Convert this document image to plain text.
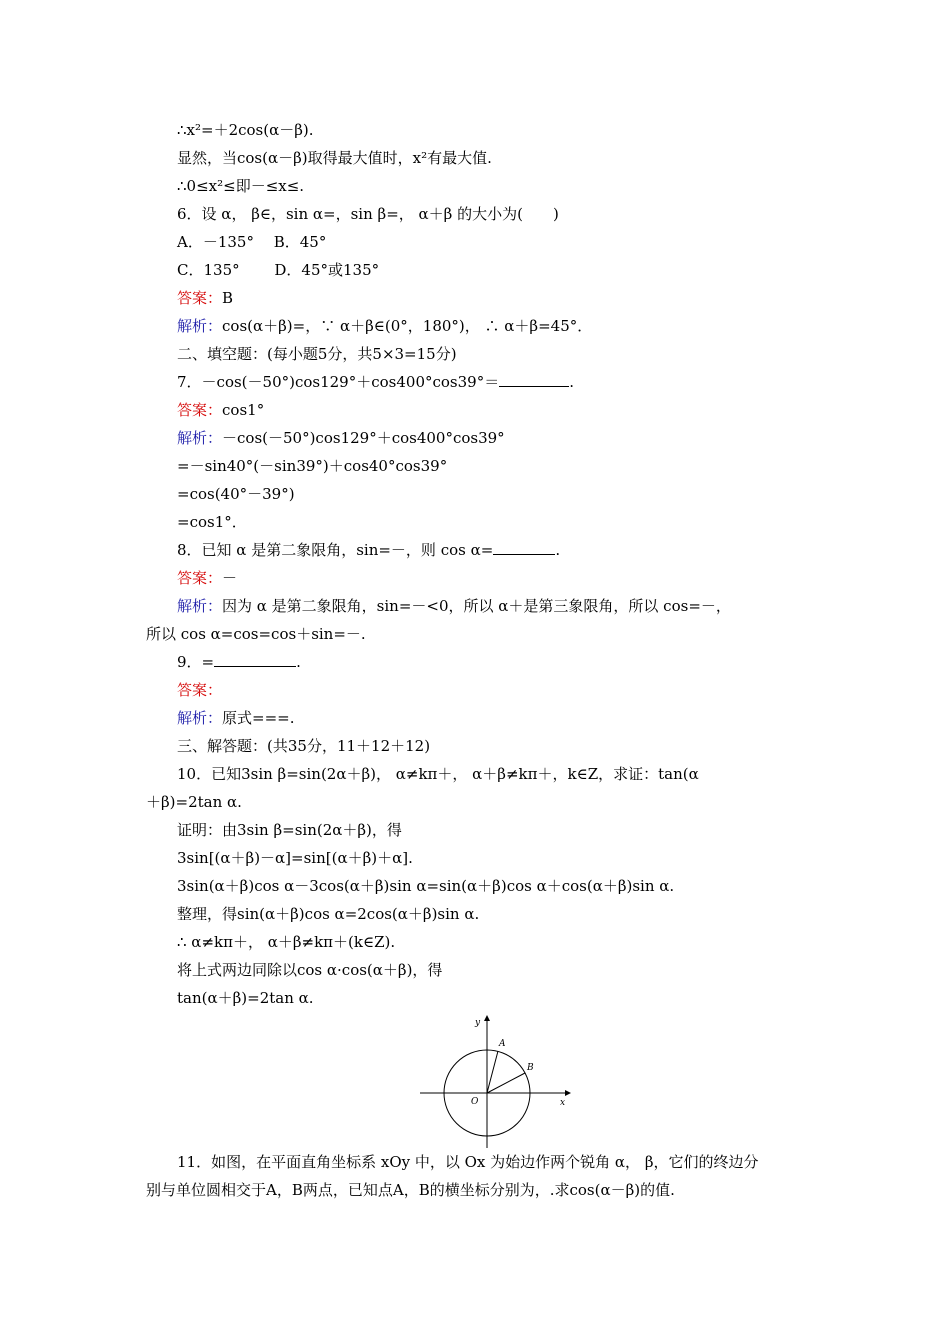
∴x²=＋2cos(α－β).
显然，当cos(α－β)取得最大值时，x²有最大值.
∴0≤x²≤即－≤x≤.
6．设 α， β∈，sin α=，sin β=， α＋β 的大小为(　　)
A．－135°　 B．45°
C．135°　　 D．45°或135°
答案：B
解析：cos(α＋β)=，∵ α＋β∈(0°，180°)， ∴ α＋β=45°．
二、填空题：(每小题5分，共5×3=15分)
7．－cos(－50°)cos129°＋cos400°cos39°＝	.
答案：cos1°
解析：－cos(－50°)cos129°＋cos400°cos39°
=－sin40°(－sin39°)＋cos40°cos39°
=cos(40°－39°)
=cos1°．
8．已知 α 是第二象限角，sin=－，则 cos α=	.
答案：－
解析：因为 α 是第二象限角，sin=－<0，所以 α＋是第三象限角，所以 cos=－，
所以 cos α=cos=cos＋sin=－.
9．=	.
答案：
解析：原式===.
三、解答题：(共35分，11＋12＋12)
10．已知3sin β=sin(2α＋β)， α≠kπ＋， α＋β≠kπ＋，k∈Z，求证：tan(α
＋β)=2tan α.
证明：由3sin β=sin(2α＋β)，得
3sin[(α＋β)－α]=sin[(α＋β)＋α].
3sin(α＋β)cos α－3cos(α＋β)sin α=sin(α＋β)cos α＋cos(α＋β)sin α.
整理，得sin(α＋β)cos α=2cos(α＋β)sin α.
∴ α≠kπ＋， α＋β≠kπ＋(k∈Z).
将上式两边同除以cos α·cos(α＋β)，得
tan(α＋β)=2tan α.
y
x
O
A
B
11．如图，在平面直角坐标系 xOy 中，以 Ox 为始边作两个锐角 α， β，它们的终边分
别与单位圆相交于A，B两点，已知点A，B的横坐标分别为，.求cos(α－β)的值.
